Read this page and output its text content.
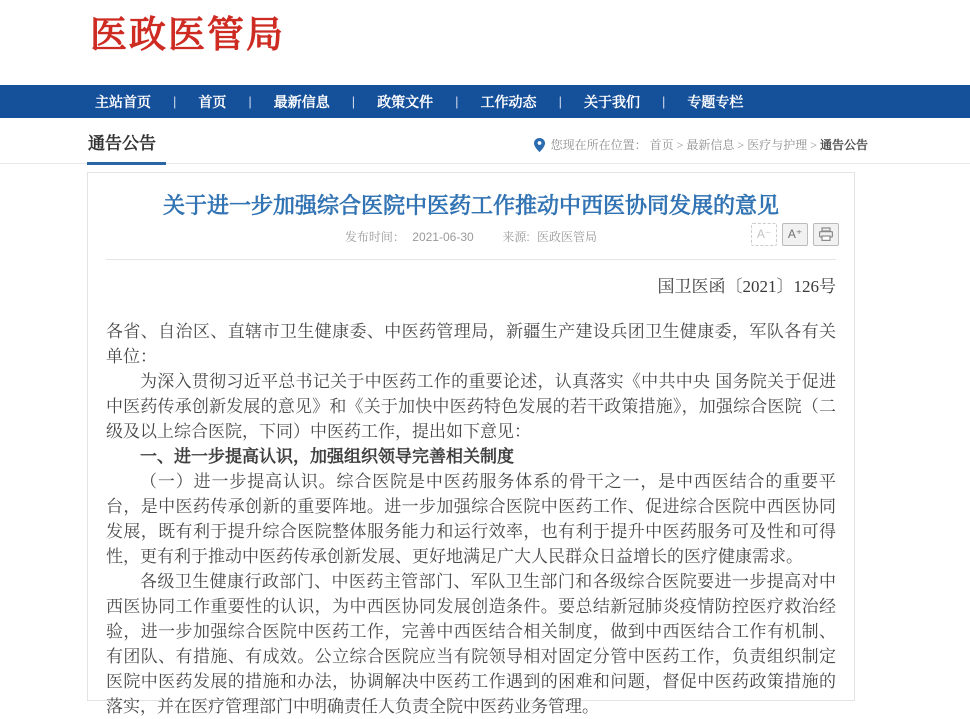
医政医管局
主站首页 | 首页 | 最新信息 | 政策文件 | 工作动态 | 关于我们 | 专题专栏
通告公告	您现在所在位置：
首页 > 最新信息 > 医疗与护理 > 通告公告
关于进一步加强综合医院中医药工作推动中西医协同发展的意见
发布时间： 2021-06-30 来源: 医政医管局	A⁻	A⁺
国卫医函〔2021〕126号

各省、自治区、直辖市卫生健康委、中医药管理局，新疆生产建设兵团卫生健康委，军队各有关单位：

为深入贯彻习近平总书记关于中医药工作的重要论述，认真落实《中共中央 国务院关于促进中医药传承创新发展的意见》和《关于加快中医药特色发展的若干政策措施》，加强综合医院（二级及以上综合医院，下同）中医药工作，提出如下意见：

一、进一步提高认识，加强组织领导完善相关制度

（一）进一步提高认识。综合医院是中医药服务体系的骨干之一，是中西医结合的重要平台，是中医药传承创新的重要阵地。进一步加强综合医院中医药工作、促进综合医院中西医协同发展，既有利于提升综合医院整体服务能力和运行效率，也有利于提升中医药服务可及性和可得性，更有利于推动中医药传承创新发展、更好地满足广大人民群众日益增长的医疗健康需求。

各级卫生健康行政部门、中医药主管部门、军队卫生部门和各级综合医院要进一步提高对中西医协同工作重要性的认识，为中西医协同发展创造条件。要总结新冠肺炎疫情防控医疗救治经验，进一步加强综合医院中医药工作，完善中西医结合相关制度，做到中西医结合工作有机制、有团队、有措施、有成效。公立综合医院应当有院领导相对固定分管中医药工作，负责组织制定医院中医药发展的措施和办法，协调解决中医药工作遇到的困难和问题，督促中医药政策措施的落实，并在医疗管理部门中明确责任人负责全院中医药业务管理。
